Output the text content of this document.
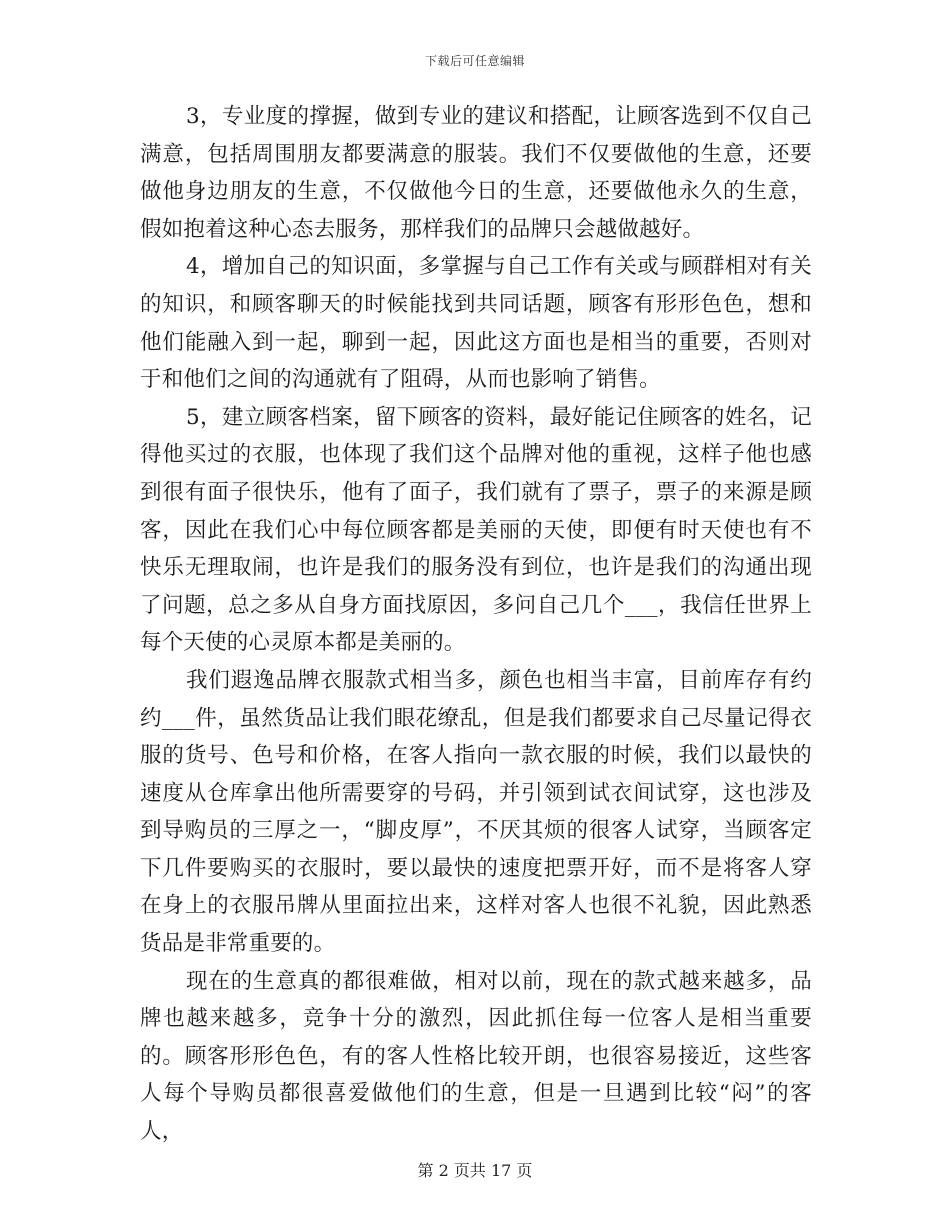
下载后可任意编辑

3，专业度的撑握，做到专业的建议和搭配，让顾客选到不仅自己满意，包括周围朋友都要满意的服装。我们不仅要做他的生意，还要做他身边朋友的生意，不仅做他今日的生意，还要做他永久的生意，假如抱着这种心态去服务，那样我们的品牌只会越做越好。

4，增加自己的知识面，多掌握与自己工作有关或与顾群相对有关的知识，和顾客聊天的时候能找到共同话题，顾客有形形色色，想和他们能融入到一起，聊到一起，因此这方面也是相当的重要，否则对于和他们之间的沟通就有了阻碍，从而也影响了销售。

5，建立顾客档案，留下顾客的资料，最好能记住顾客的姓名，记得他买过的衣服，也体现了我们这个品牌对他的重视，这样子他也感到很有面子很快乐，他有了面子，我们就有了票子，票子的来源是顾客，因此在我们心中每位顾客都是美丽的天使，即便有时天使也有不快乐无理取闹，也许是我们的服务没有到位，也许是我们的沟通出现了问题，总之多从自身方面找原因，多问自己几个___，我信任世界上每个天使的心灵原本都是美丽的。

我们遐逸品牌衣服款式相当多，颜色也相当丰富，目前库存有约约___件，虽然货品让我们眼花缭乱，但是我们都要求自己尽量记得衣服的货号、色号和价格，在客人指向一款衣服的时候，我们以最快的速度从仓库拿出他所需要穿的号码，并引领到试衣间试穿，这也涉及到导购员的三厚之一，“脚皮厚”，不厌其烦的很客人试穿，当顾客定下几件要购买的衣服时，要以最快的速度把票开好，而不是将客人穿在身上的衣服吊牌从里面拉出来，这样对客人也很不礼貌，因此熟悉货品是非常重要的。

现在的生意真的都很难做，相对以前，现在的款式越来越多，品牌也越来越多，竞争十分的激烈，因此抓住每一位客人是相当重要的。顾客形形色色，有的客人性格比较开朗，也很容易接近，这些客人每个导购员都很喜爱做他们的生意，但是一旦遇到比较“闷”的客人，

第 2 页共 17 页
